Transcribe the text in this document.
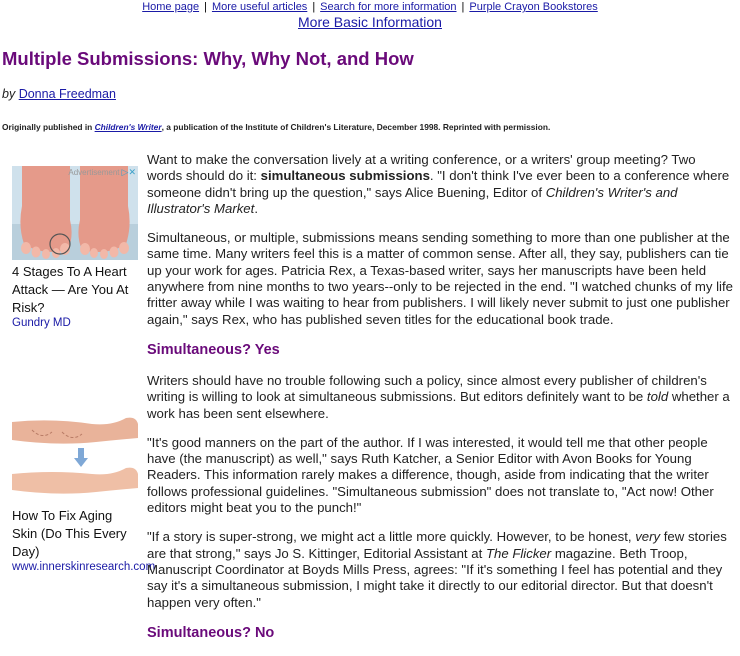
Home page | More useful articles | Search for more information | Purple Crayon Bookstores
More Basic Information
Multiple Submissions: Why, Why Not, and How
by Donna Freedman
Originally published in Children's Writer, a publication of the Institute of Children's Literature, December 1998. Reprinted with permission.
Advertisement ▷✕
4 Stages To A Heart Attack — Are You At Risk?
Gundry MD
How To Fix Aging Skin (Do This Every Day)
www.innerskinresearch.com

Want to make the conversation lively at a writing conference, or a writers' group meeting? Two words should do it: simultaneous submissions. "I don't think I've ever been to a conference where someone didn't bring up the question," says Alice Buening, Editor of Children's Writer's and Illustrator's Market.

Simultaneous, or multiple, submissions means sending something to more than one publisher at the same time. Many writers feel this is a matter of common sense. After all, they say, publishers can tie up your work for ages. Patricia Rex, a Texas-based writer, says her manuscripts have been held anywhere from nine months to two years--only to be rejected in the end. "I watched chunks of my life fritter away while I was waiting to hear from publishers. I will likely never submit to just one publisher again," says Rex, who has published seven titles for the educational book trade.

Simultaneous? Yes

Writers should have no trouble following such a policy, since almost every publisher of children's writing is willing to look at simultaneous submissions. But editors definitely want to be told whether a work has been sent elsewhere.

"It's good manners on the part of the author. If I was interested, it would tell me that other people have (the manuscript) as well," says Ruth Katcher, a Senior Editor with Avon Books for Young Readers. This information rarely makes a difference, though, aside from indicating that the writer follows professional guidelines. "Simultaneous submission" does not translate to, "Act now! Other editors might beat you to the punch!"

"If a story is super-strong, we might act a little more quickly. However, to be honest, very few stories are that strong," says Jo S. Kittinger, Editorial Assistant at The Flicker magazine. Beth Troop, Manuscript Coordinator at Boyds Mills Press, agrees: "If it's something I feel has potential and they say it's a simultaneous submission, I might take it directly to our editorial director. But that doesn't happen very often."

Simultaneous? No
